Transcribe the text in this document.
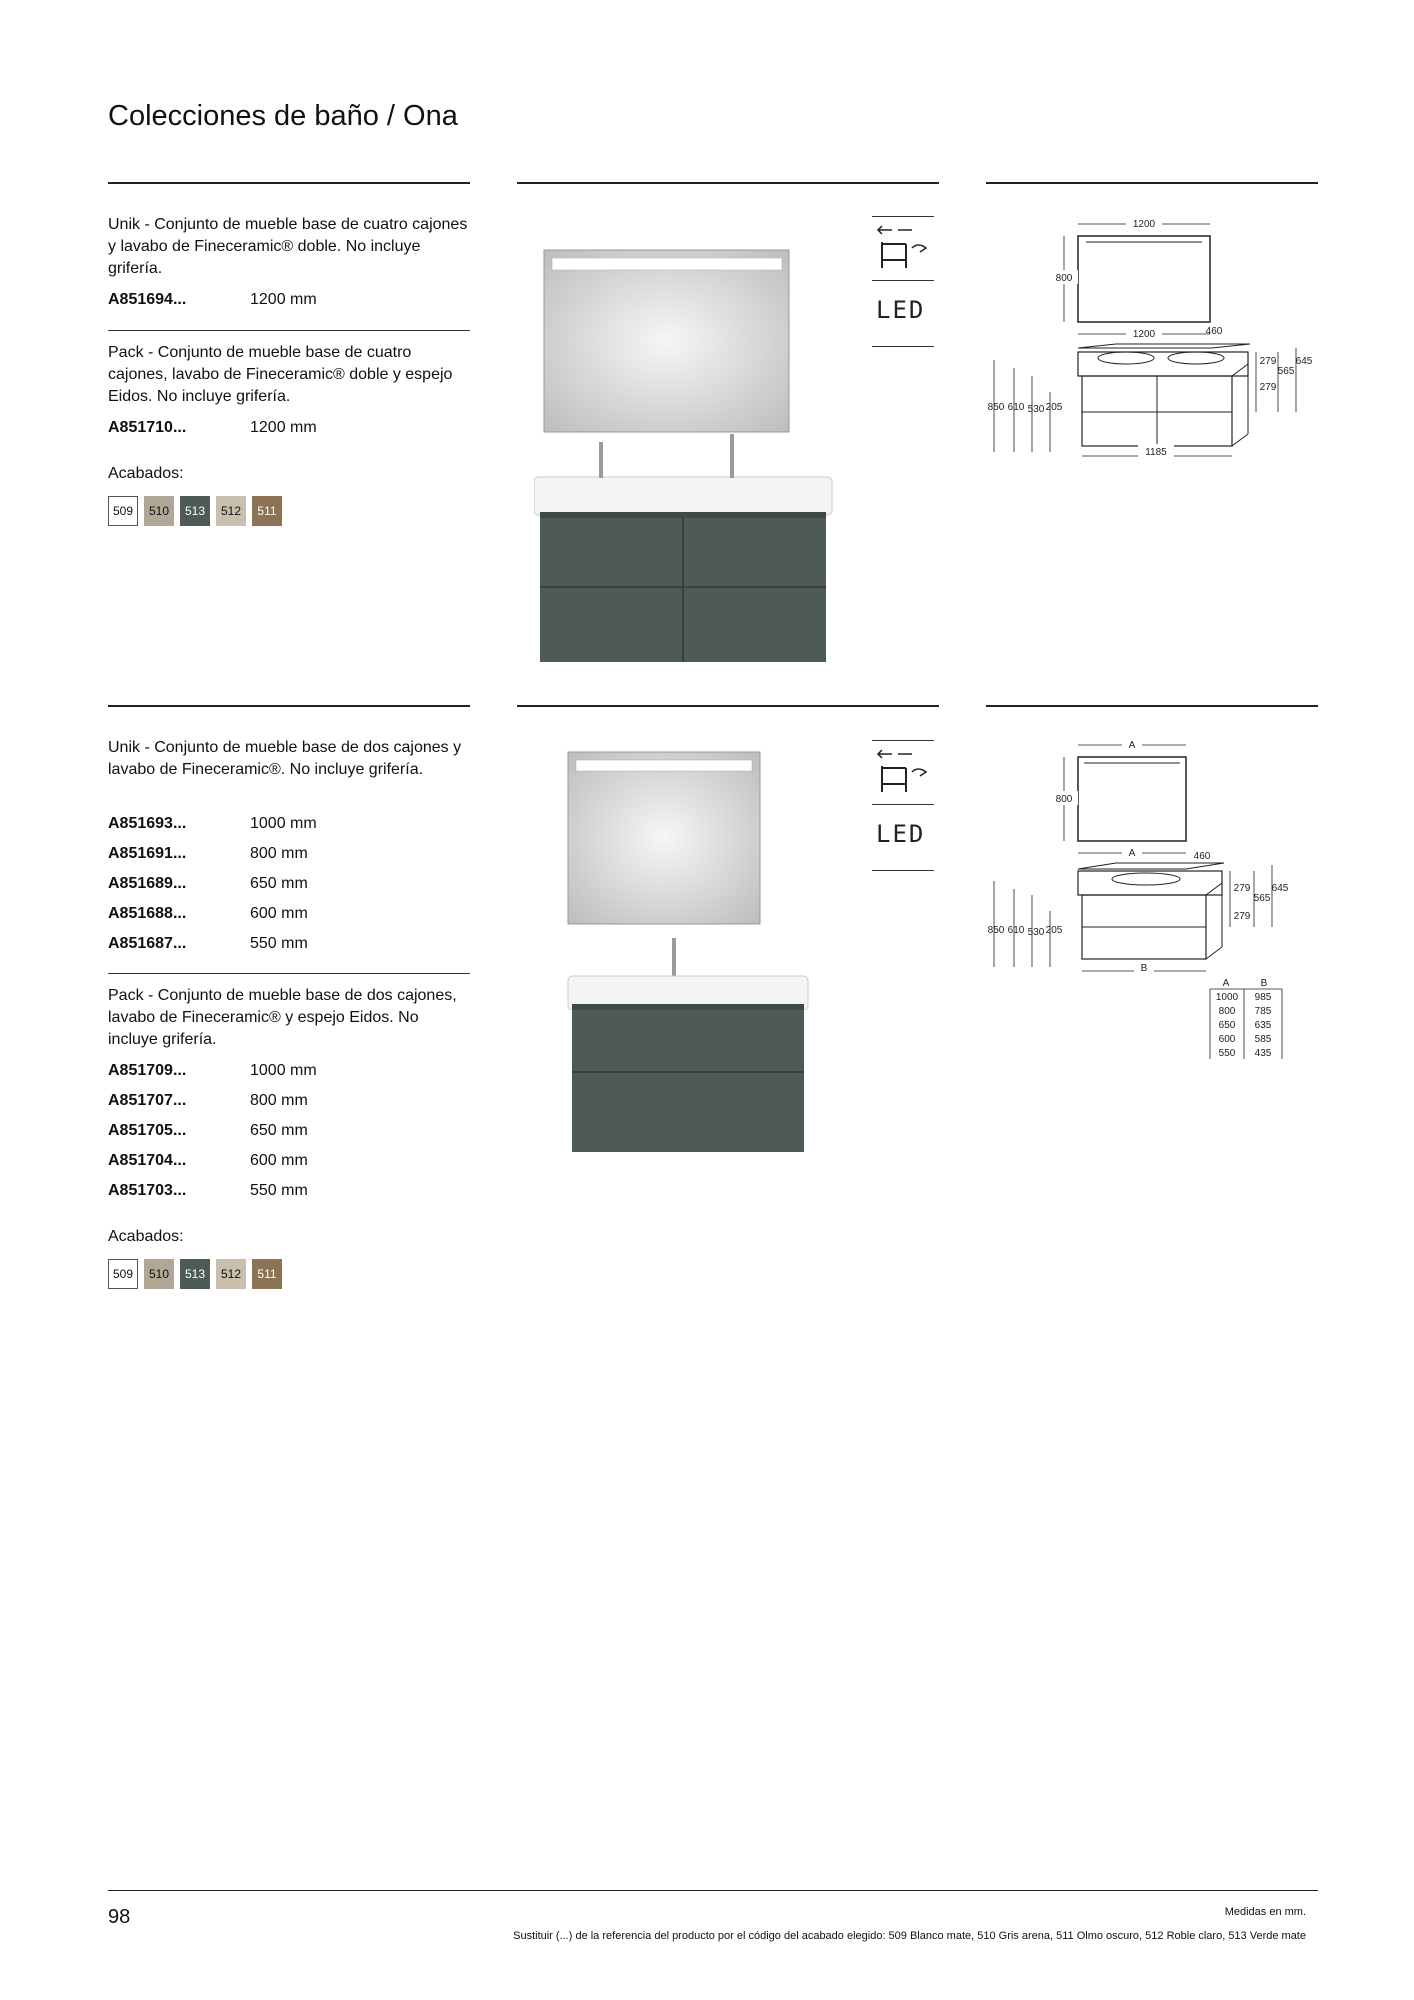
Colecciones de baño / Ona
Unik - Conjunto de mueble base de cuatro cajones y lavabo de Fineceramic® doble. No incluye grifería.
A851694...	1200 mm
Pack - Conjunto de mueble base de cuatro cajones, lavabo de Fineceramic® doble y espejo Eidos. No incluye grifería.
A851710...	1200 mm
Acabados:
509	510	513	512	511
LED
1200
800
1200	460
279
279
565
645
850 610 530 205
1185
Unik - Conjunto de mueble base de dos cajones y lavabo de Fineceramic®. No incluye grifería.
A851693...	1000 mm
A851691...	800 mm
A851689...	650 mm
A851688...	600 mm
A851687...	550 mm
Pack - Conjunto de mueble base de dos cajones, lavabo de Fineceramic® y espejo Eidos. No incluye grifería.
A851709...	1000 mm
A851707...	800 mm
A851705...	650 mm
A851704...	600 mm
A851703...	550 mm
Acabados:
509	510	513	512	511
LED
A
800
A	460
279
279
565
645
850 610 530 205
B
A	B
1000 985
800 785
650 635
600 585
550 435
98	Medidas en mm.
Sustituir (...) de la referencia del producto por el código del acabado elegido: 509 Blanco mate, 510 Gris arena, 511 Olmo oscuro, 512 Roble claro, 513 Verde mate
